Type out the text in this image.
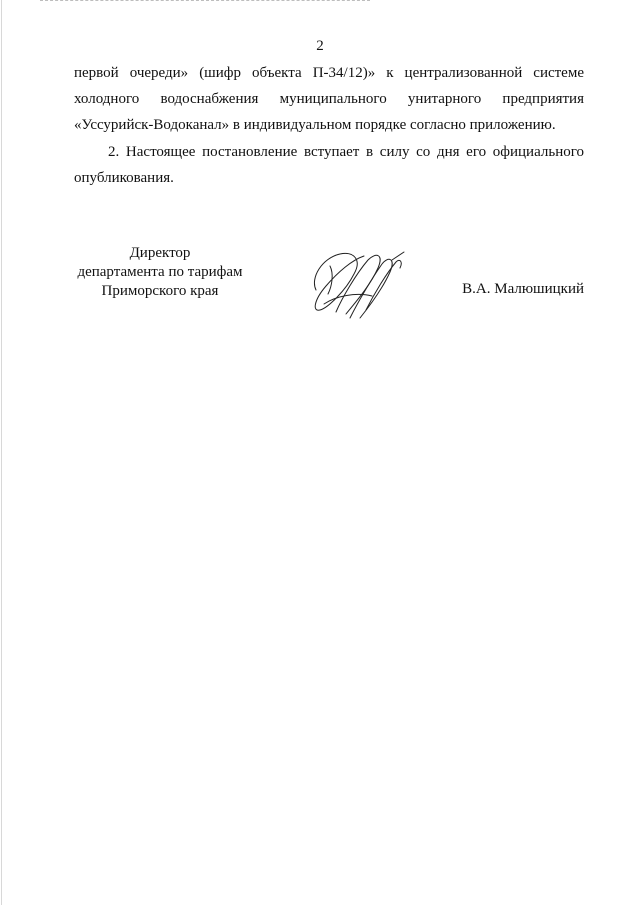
2
первой очереди» (шифр объекта П-34/12)» к централизованной системе
холодного водоснабжения муниципального унитарного предприятия
«Уссурийск-Водоканал» в индивидуальном порядке согласно приложению.
2. Настоящее постановление вступает в силу со дня его официального
опубликования.
Директор
департамента по тарифам
Приморского края	В.А. Малюшицкий
